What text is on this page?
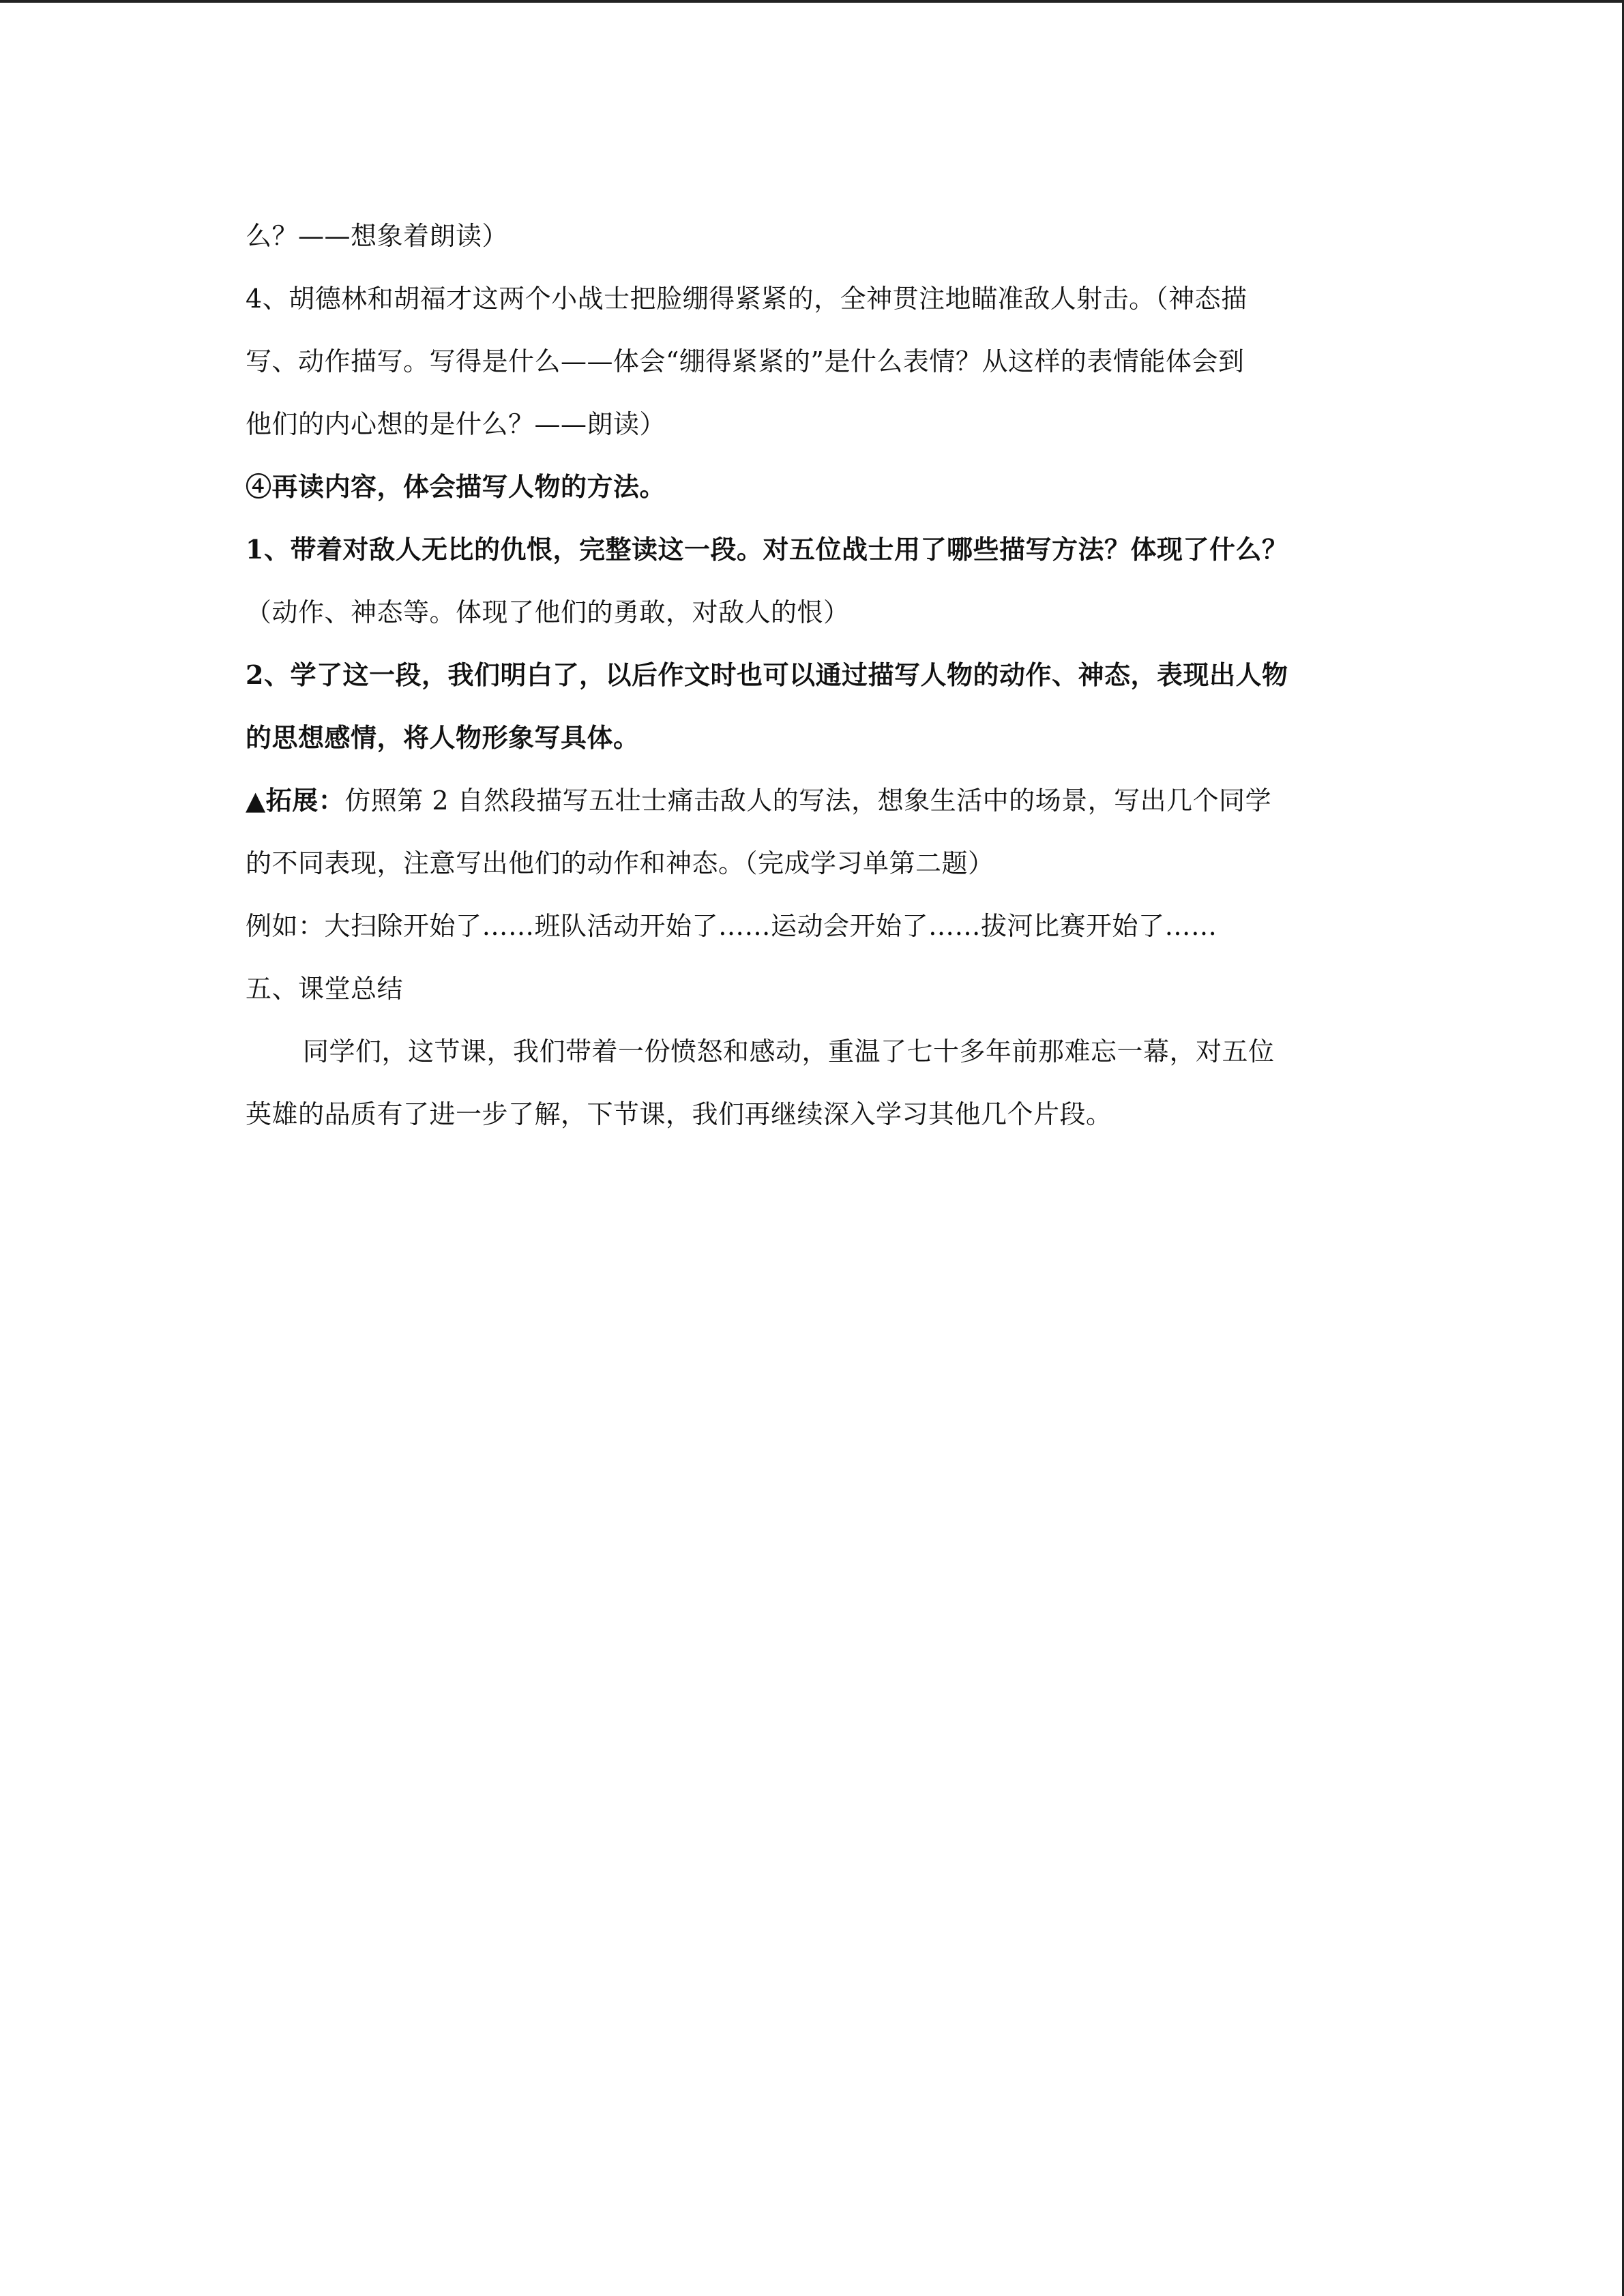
么？——想象着朗读）
4、胡德林和胡福才这两个小战士把脸绷得紧紧的，全神贯注地瞄准敌人射击。（神态描
写、动作描写。写得是什么——体会“绷得紧紧的”是什么表情？从这样的表情能体会到
他们的内心想的是什么？——朗读）
④再读内容，体会描写人物的方法。
1、带着对敌人无比的仇恨，完整读这一段。对五位战士用了哪些描写方法？体现了什么？
（动作、神态等。体现了他们的勇敢，对敌人的恨）
2、学了这一段，我们明白了，以后作文时也可以通过描写人物的动作、神态，表现出人物
的思想感情，将人物形象写具体。
▲拓展：仿照第 2 自然段描写五壮士痛击敌人的写法，想象生活中的场景，写出几个同学
的不同表现，注意写出他们的动作和神态。（完成学习单第二题）
例如：大扫除开始了……班队活动开始了……运动会开始了……拔河比赛开始了……
五、课堂总结
同学们，这节课，我们带着一份愤怒和感动，重温了七十多年前那难忘一幕，对五位
英雄的品质有了进一步了解，下节课，我们再继续深入学习其他几个片段。
